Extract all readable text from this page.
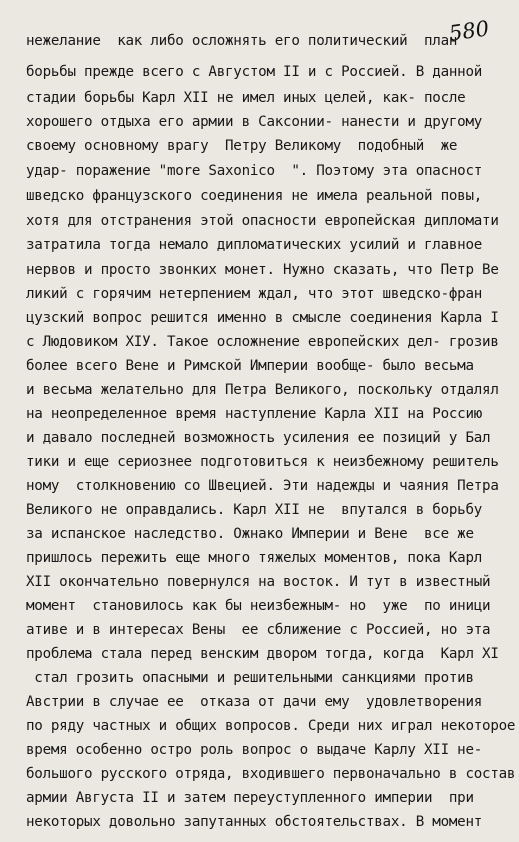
580
нежелание  как либо осложнять его политический  план
борьбы прежде всего с Августом II и с Россией. В данной
стадии борьбы Карл XII не имел иных целей, как- после
хорошего отдыха его армии в Саксонии- нанести и другому
своему основному врагу  Петру Великому  подобный  же
удар- поражение "more Saxonico  ". Поэтому эта опасност
шведско французского соединения не имела реальной повы,
хотя для отстранения этой опасности европейская дипломати
затратила тогда немало дипломатических усилий и главное
нервов и просто звонких монет. Нужно сказать, что Петр Ве
ликий с горячим нетерпением ждал, что этот шведско-фран
цузский вопрос решится именно в смысле соединения Карла I
с Людовиком XIУ. Такое осложнение европейских дел- грозив
более всего Вене и Римской Империи вообще- было весьма
и весьма желательно для Петра Великого, поскольку отдалял
на неопределенное время наступление Карла XII на Россию
и давало последней возможность усиления ее позиций у Бал
тики и еще сериознее подготовиться к неизбежному решитель
ному  столкновению со Швецией. Эти надежды и чаяния Петра
Великого не оправдались. Карл XII не  впутался в борьбу
за испанское наследство. Ожнако Империи и Вене  все же
пришлось пережить еще много тяжелых моментов, пока Карл
XII окончательно повернулся на восток. И тут в известный
момент  становилось как бы неизбежным- но  уже  по иници
ативе и в интересах Вены  ее сближение с Россией, но эта
проблема стала перед венским двором тогда, когда  Карл XI
стал грозить опасными и решительными санкциями против
Австрии в случае ее  отказа от дачи ему  удовлетворения
по ряду частных и общих вопросов. Среди них играл некоторое
время особенно остро роль вопрос о выдаче Карлу XII не-
большого русского отряда, входившего первоначально в состав
армии Августа II и затем переуступленного империи  при
некоторых довольно запутанных обстоятельствах. В момент
